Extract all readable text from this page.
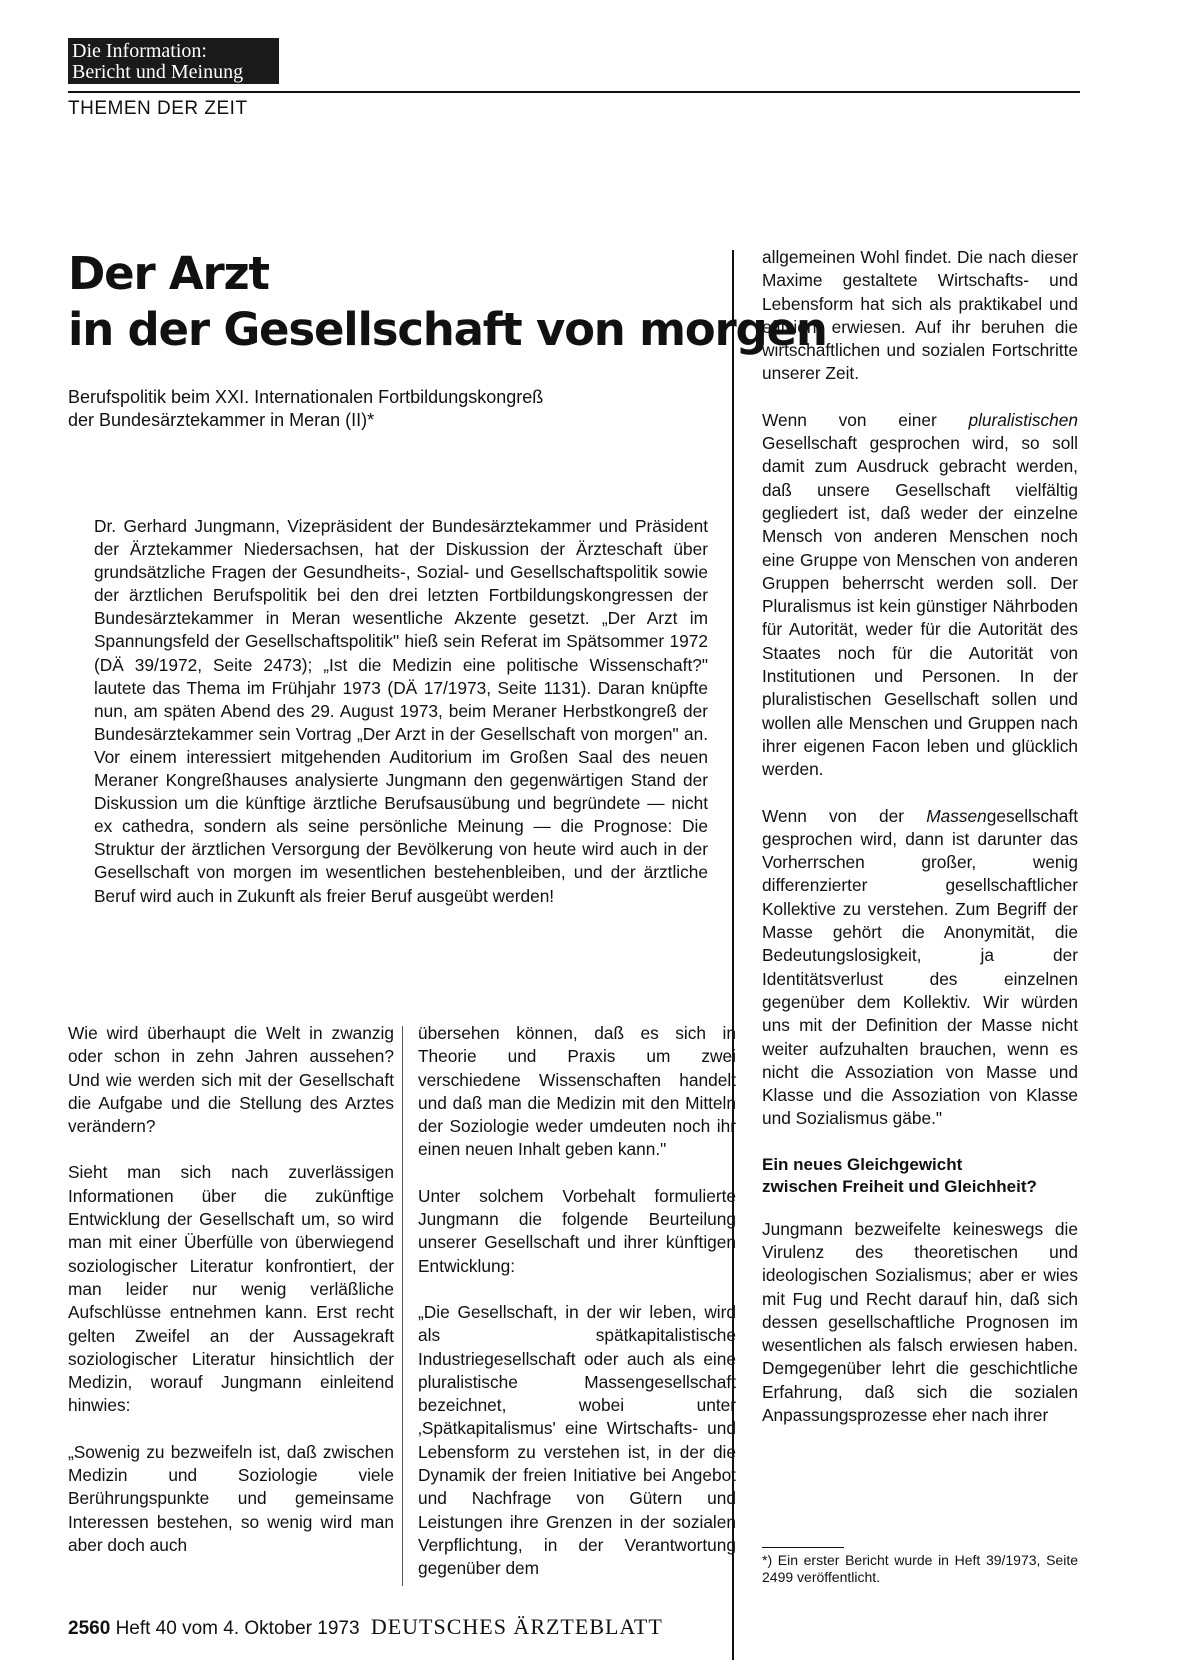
Die Information:
Bericht und Meinung
THEMEN DER ZEIT
Der Arzt
in der Gesellschaft von morgen
Berufspolitik beim XXI. Internationalen Fortbildungskongreß
der Bundesärztekammer in Meran (II)*
Dr. Gerhard Jungmann, Vizepräsident der Bundesärztekammer und Präsident der Ärztekammer Niedersachsen, hat der Diskussion der Ärzteschaft über grundsätzliche Fragen der Gesundheits-, Sozial- und Gesellschaftspolitik sowie der ärztlichen Berufspolitik bei den drei letzten Fortbildungskongressen der Bundesärztekammer in Meran wesentliche Akzente gesetzt. „Der Arzt im Spannungsfeld der Gesellschaftspolitik" hieß sein Referat im Spätsommer 1972 (DÄ 39/1972, Seite 2473); „Ist die Medizin eine politische Wissenschaft?" lautete das Thema im Frühjahr 1973 (DÄ 17/1973, Seite 1131). Daran knüpfte nun, am späten Abend des 29. August 1973, beim Meraner Herbstkongreß der Bundesärztekammer sein Vortrag „Der Arzt in der Gesellschaft von morgen" an. Vor einem interessiert mitgehenden Auditorium im Großen Saal des neuen Meraner Kongreßhauses analysierte Jungmann den gegenwärtigen Stand der Diskussion um die künftige ärztliche Berufsausübung und begründete — nicht ex cathedra, sondern als seine persönliche Meinung — die Prognose: Die Struktur der ärztlichen Versorgung der Bevölkerung von heute wird auch in der Gesellschaft von morgen im wesentlichen bestehenbleiben, und der ärztliche Beruf wird auch in Zukunft als freier Beruf ausgeübt werden!

Wie wird überhaupt die Welt in zwanzig oder schon in zehn Jahren aussehen? Und wie werden sich mit der Gesellschaft die Aufgabe und die Stellung des Arztes verändern?

Sieht man sich nach zuverlässigen Informationen über die zukünftige Entwicklung der Gesellschaft um, so wird man mit einer Überfülle von überwiegend soziologischer Literatur konfrontiert, der man leider nur wenig verläßliche Aufschlüsse entnehmen kann. Erst recht gelten Zweifel an der Aussagekraft soziologischer Literatur hinsichtlich der Medizin, worauf Jungmann einleitend hinwies:

„Sowenig zu bezweifeln ist, daß zwischen Medizin und Soziologie viele Berührungspunkte und gemeinsame Interessen bestehen, so wenig wird man aber doch auch

übersehen können, daß es sich in Theorie und Praxis um zwei verschiedene Wissenschaften handelt und daß man die Medizin mit den Mitteln der Soziologie weder umdeuten noch ihr einen neuen Inhalt geben kann."

Unter solchem Vorbehalt formulierte Jungmann die folgende Beurteilung unserer Gesellschaft und ihrer künftigen Entwicklung:

„Die Gesellschaft, in der wir leben, wird als spätkapitalistische Industriegesellschaft oder auch als eine pluralistische Massengesellschaft bezeichnet, wobei unter ‚Spätkapitalismus' eine Wirtschafts- und Lebensform zu verstehen ist, in der die Dynamik der freien Initiative bei Angebot und Nachfrage von Gütern und Leistungen ihre Grenzen in der sozialen Verpflichtung, in der Verantwortung gegenüber dem

allgemeinen Wohl findet. Die nach dieser Maxime gestaltete Wirtschafts- und Lebensform hat sich als praktikabel und effizient erwiesen. Auf ihr beruhen die wirtschaftlichen und sozialen Fortschritte unserer Zeit.

Wenn von einer pluralistischen Gesellschaft gesprochen wird, so soll damit zum Ausdruck gebracht werden, daß unsere Gesellschaft vielfältig gegliedert ist, daß weder der einzelne Mensch von anderen Menschen noch eine Gruppe von Menschen von anderen Gruppen beherrscht werden soll. Der Pluralismus ist kein günstiger Nährboden für Autorität, weder für die Autorität des Staates noch für die Autorität von Institutionen und Personen. In der pluralistischen Gesellschaft sollen und wollen alle Menschen und Gruppen nach ihrer eigenen Facon leben und glücklich werden.

Wenn von der Massengesellschaft gesprochen wird, dann ist darunter das Vorherrschen großer, wenig differenzierter gesellschaftlicher Kollektive zu verstehen. Zum Begriff der Masse gehört die Anonymität, die Bedeutungslosigkeit, ja der Identitätsverlust des einzelnen gegenüber dem Kollektiv. Wir würden uns mit der Definition der Masse nicht weiter aufzuhalten brauchen, wenn es nicht die Assoziation von Masse und Klasse und die Assoziation von Klasse und Sozialismus gäbe."

Ein neues Gleichgewicht
zwischen Freiheit und Gleichheit?

Jungmann bezweifelte keineswegs die Virulenz des theoretischen und ideologischen Sozialismus; aber er wies mit Fug und Recht darauf hin, daß sich dessen gesellschaftliche Prognosen im wesentlichen als falsch erwiesen haben. Demgegenüber lehrt die geschichtliche Erfahrung, daß sich die sozialen Anpassungsprozesse eher nach ihrer

*) Ein erster Bericht wurde in Heft 39/1973, Seite 2499 veröffentlicht.
2560 Heft 40 vom 4. Oktober 1973 DEUTSCHES ÄRZTEBLATT
